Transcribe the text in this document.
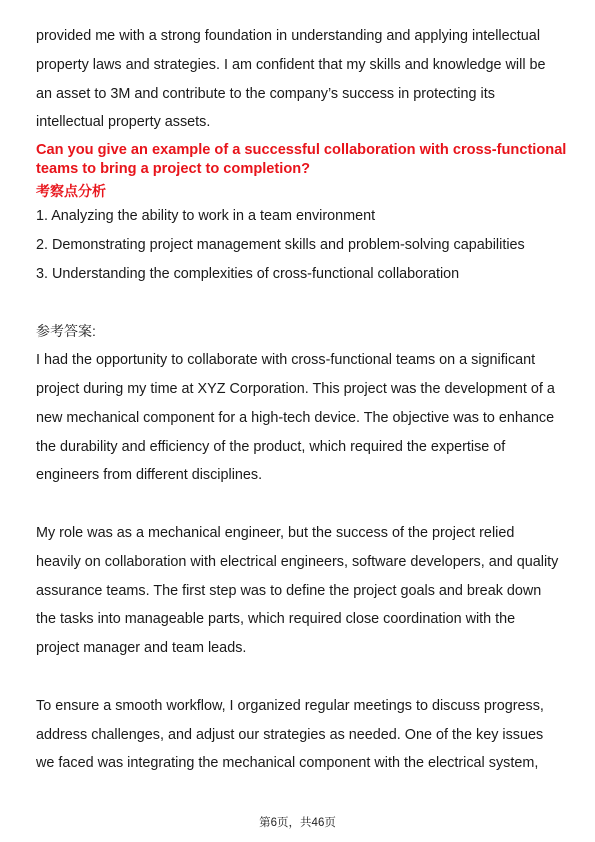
provided me with a strong foundation in understanding and applying intellectual
property laws and strategies. I am confident that my skills and knowledge will be
an asset to 3M and contribute to the company’s success in protecting its
intellectual property assets.
Can you give an example of a successful collaboration with cross-functional
teams to bring a project to completion?
考察点分析
1. Analyzing the ability to work in a team environment
2. Demonstrating project management skills and problem-solving capabilities
3. Understanding the complexities of cross-functional collaboration
参考答案:
I had the opportunity to collaborate with cross-functional teams on a significant
project during my time at XYZ Corporation. This project was the development of a
new mechanical component for a high-tech device. The objective was to enhance
the durability and efficiency of the product, which required the expertise of
engineers from different disciplines.
My role was as a mechanical engineer, but the success of the project relied
heavily on collaboration with electrical engineers, software developers, and quality
assurance teams. The first step was to define the project goals and break down
the tasks into manageable parts, which required close coordination with the
project manager and team leads.
To ensure a smooth workflow, I organized regular meetings to discuss progress,
address challenges, and adjust our strategies as needed. One of the key issues
we faced was integrating the mechanical component with the electrical system,
第6页，共46页
